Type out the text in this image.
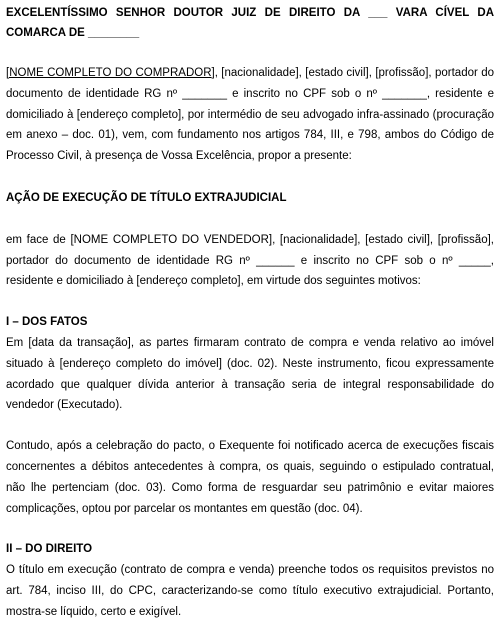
EXCELENTÍSSIMO SENHOR DOUTOR JUIZ DE DIREITO DA ___ VARA CÍVEL DA COMARCA DE ________

[NOME COMPLETO DO COMPRADOR], [nacionalidade], [estado civil], [profissão], portador do documento de identidade RG nº _______ e inscrito no CPF sob o nº _______, residente e domiciliado à [endereço completo], por intermédio de seu advogado infra-assinado (procuração em anexo – doc. 01), vem, com fundamento nos artigos 784, III, e 798, ambos do Código de Processo Civil, à presença de Vossa Excelência, propor a presente:

AÇÃO DE EXECUÇÃO DE TÍTULO EXTRAJUDICIAL

em face de [NOME COMPLETO DO VENDEDOR], [nacionalidade], [estado civil], [profissão], portador do documento de identidade RG nº ______ e inscrito no CPF sob o nº _____, residente e domiciliado à [endereço completo], em virtude dos seguintes motivos:

I – DOS FATOS

Em [data da transação], as partes firmaram contrato de compra e venda relativo ao imóvel situado à [endereço completo do imóvel] (doc. 02). Neste instrumento, ficou expressamente acordado que qualquer dívida anterior à transação seria de integral responsabilidade do vendedor (Executado).

Contudo, após a celebração do pacto, o Exequente foi notificado acerca de execuções fiscais concernentes a débitos antecedentes à compra, os quais, seguindo o estipulado contratual, não lhe pertenciam (doc. 03). Como forma de resguardar seu patrimônio e evitar maiores complicações, optou por parcelar os montantes em questão (doc. 04).

II – DO DIREITO

O título em execução (contrato de compra e venda) preenche todos os requisitos previstos no art. 784, inciso III, do CPC, caracterizando-se como título executivo extrajudicial. Portanto, mostra-se líquido, certo e exigível.
